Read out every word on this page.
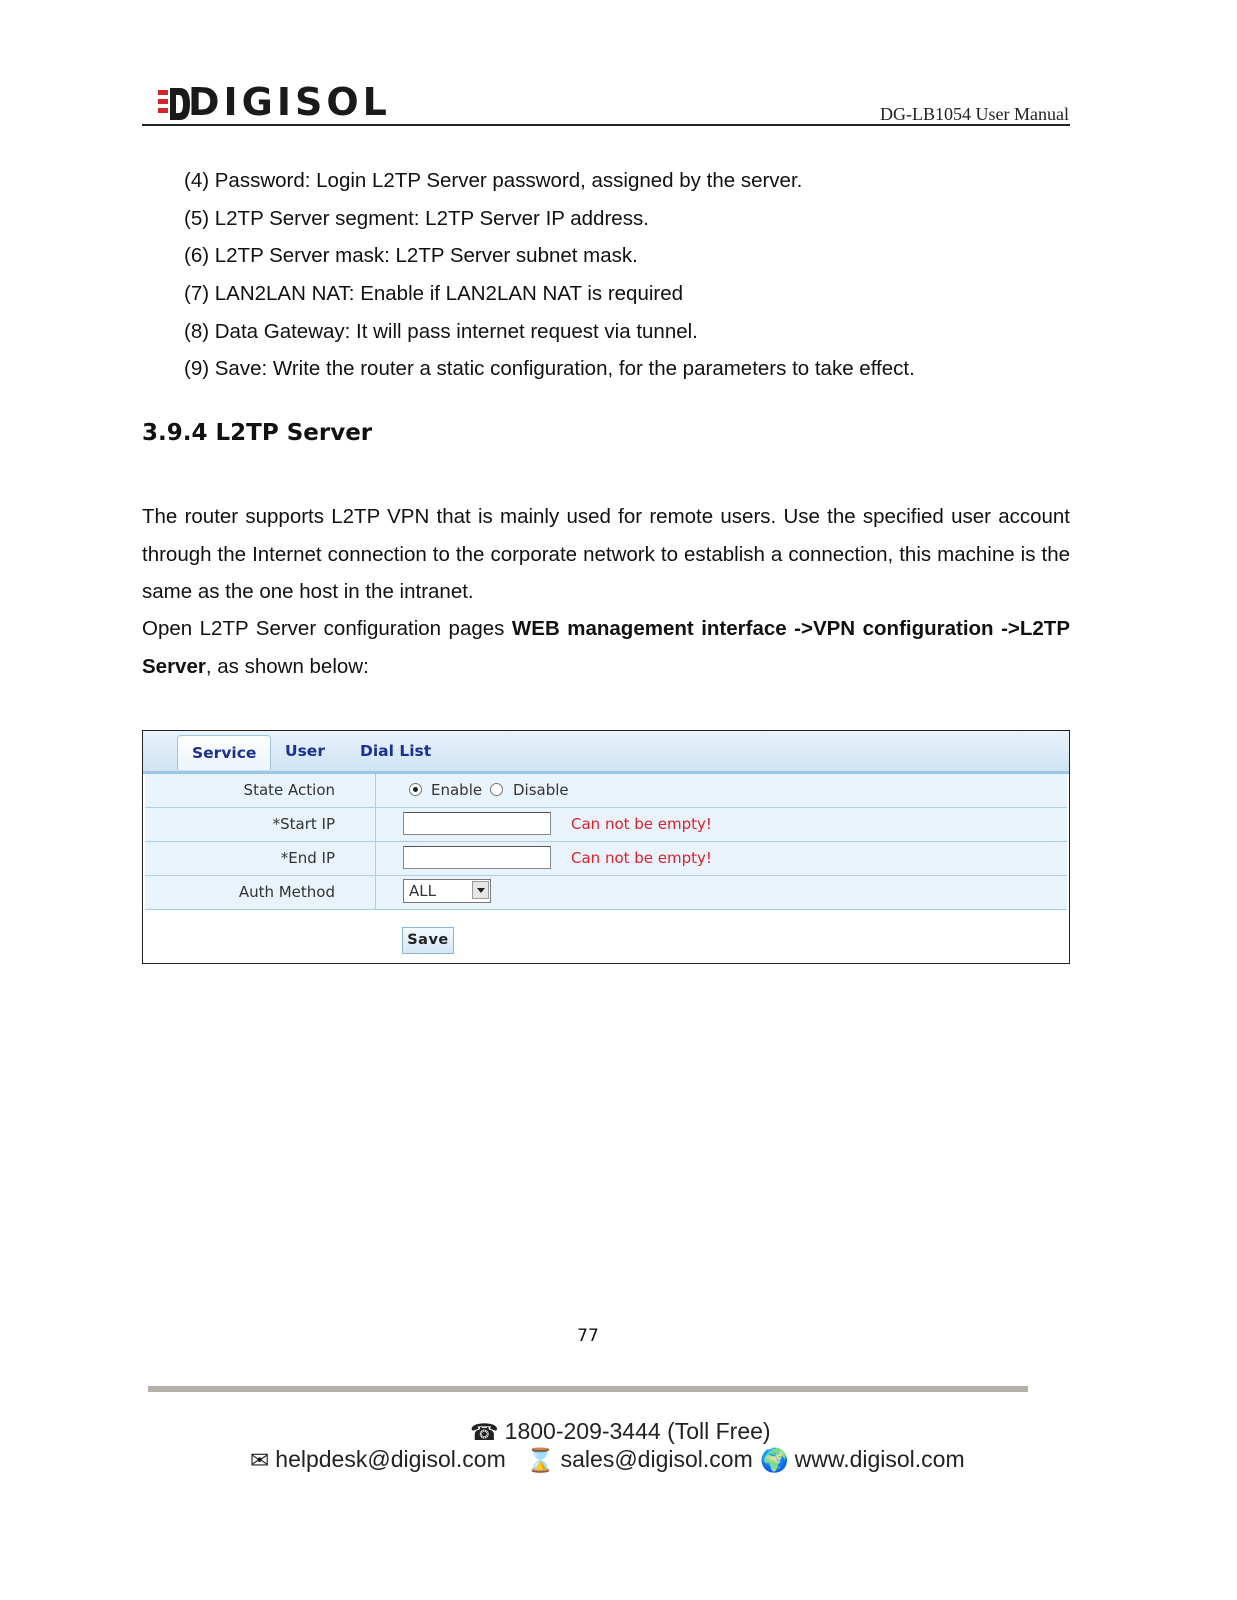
DIGISOL	DG-LB1054 User Manual
(4) Password: Login L2TP Server password, assigned by the server.
(5) L2TP Server segment: L2TP Server IP address.
(6) L2TP Server mask: L2TP Server subnet mask.
(7) LAN2LAN NAT: Enable if LAN2LAN NAT is required
(8) Data Gateway: It will pass internet request via tunnel.
(9) Save: Write the router a static configuration, for the parameters to take effect.
3.9.4 L2TP Server

The router supports L2TP VPN that is mainly used for remote users. Use the specified user account through the Internet connection to the corporate network to establish a connection, this machine is the same as the one host in the intranet.

Open L2TP Server configuration pages WEB management interface ->VPN configuration ->L2TP Server, as shown below:

Service	User Dial List
State Action	Enable Disable
*Start IP	Can not be empty!
*End IP	Can not be empty!
Auth Method	ALL
Save
77
☎ 1800-209-3444 (Toll Free)
✉ helpdesk@digisol.com ⌛ sales@digisol.com 🌍 www.digisol.com
